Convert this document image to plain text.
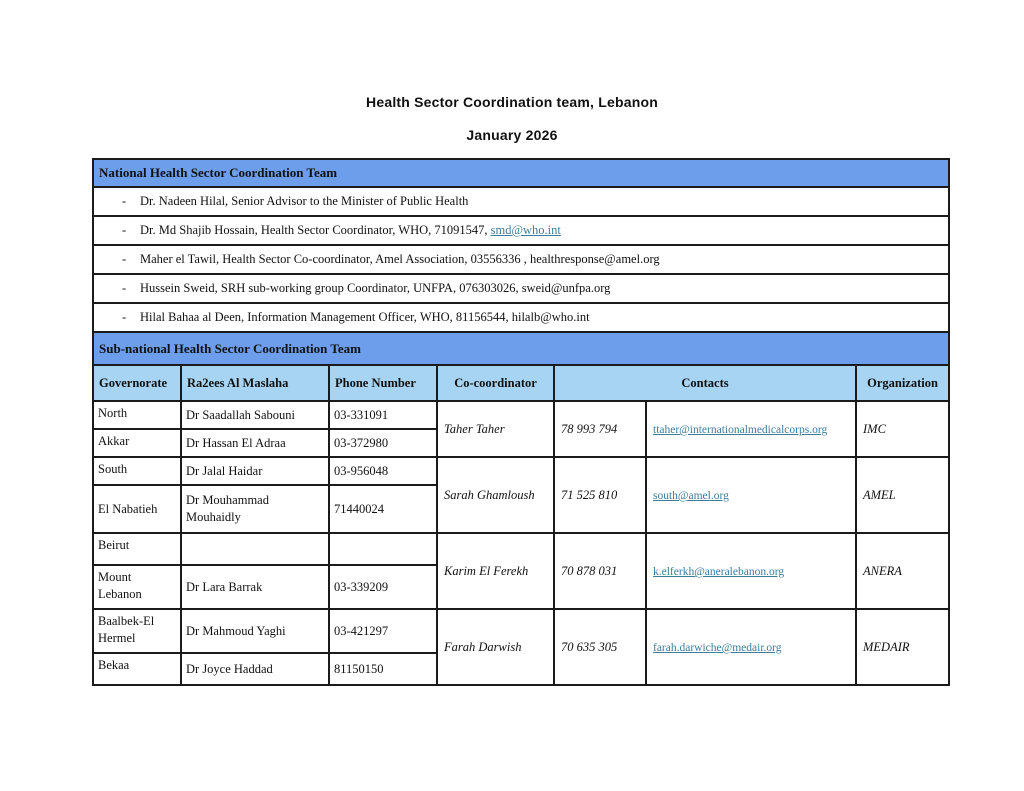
Health Sector Coordination team, Lebanon
January 2026
National Health Sector Coordination Team						
- Dr. Nadeen Hilal, Senior Advisor to the Minister of Public Health						
- Dr. Md Shajib Hossain, Health Sector Coordinator, WHO, 71091547, smd@who.int						
- Maher el Tawil, Health Sector Co-coordinator, Amel Association, 03556336 , healthresponse@amel.org						
- Hussein Sweid, SRH sub-working group Coordinator, UNFPA, 076303026, sweid@unfpa.org						
- Hilal Bahaa al Deen, Information Management Officer, WHO, 81156544, hilalb@who.int						
Sub-national Health Sector Coordination Team						
Governorate	Ra2ees Al Maslaha	Phone Number	Co-coordinator	Contacts		Organization
North	Dr Saadallah Sabouni	03-331091	Taher Taher	78 993 794	ttaher@internationalmedicalcorps.org	IMC
Akkar	Dr Hassan El Adraa	03-372980				
South	Dr Jalal Haidar	03-956048	Sarah Ghamloush	71 525 810	south@amel.org	AMEL
El Nabatieh	Dr Mouhammad Mouhaidly	71440024				
Beirut			Karim El Ferekh	70 878 031	k.elferkh@aneralebanon.org	ANERA
Mount Lebanon	Dr Lara Barrak	03-339209				
Baalbek-El Hermel	Dr Mahmoud Yaghi	03-421297	Farah Darwish	70 635 305	farah.darwiche@medair.org	MEDAIR
Bekaa	Dr Joyce Haddad	81150150				
